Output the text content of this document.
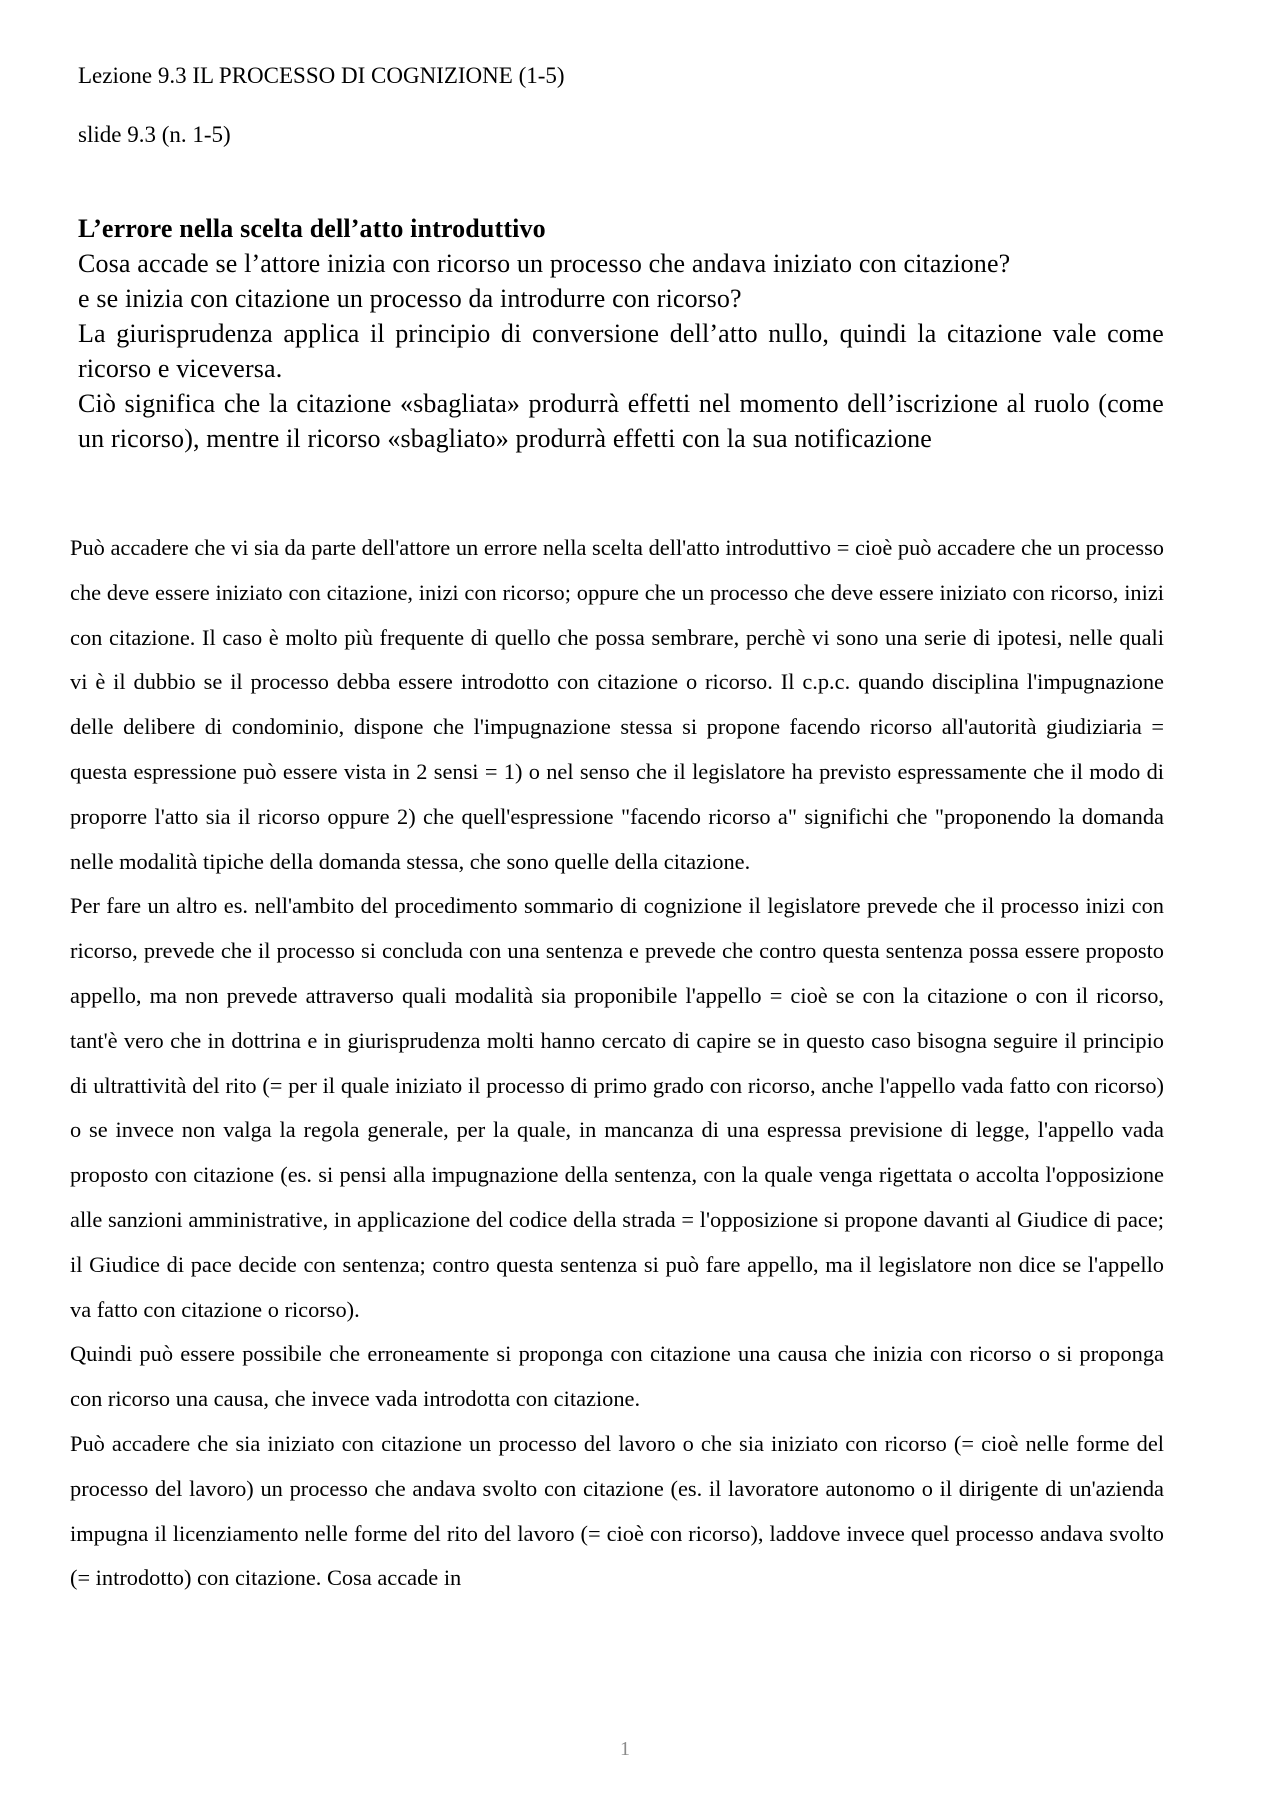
Lezione 9.3 IL PROCESSO DI COGNIZIONE (1-5)
slide 9.3 (n. 1-5)
L’errore nella scelta dell’atto introduttivo
Cosa accade se l’attore inizia con ricorso un processo che andava iniziato con citazione?
e se inizia con citazione un processo da introdurre con ricorso?
La giurisprudenza applica il principio di conversione dell’atto nullo, quindi la citazione vale come ricorso e viceversa.
Ciò significa che la citazione «sbagliata» produrrà effetti nel momento dell’iscrizione al ruolo (come un ricorso), mentre il ricorso «sbagliato» produrrà effetti con la sua notificazione

Può accadere che vi sia da parte dell'attore un errore nella scelta dell'atto introduttivo = cioè può accadere che un processo che deve essere iniziato con citazione, inizi con ricorso; oppure che un processo che deve essere iniziato con ricorso, inizi con citazione. Il caso è molto più frequente di quello che possa sembrare, perchè vi sono una serie di ipotesi, nelle quali vi è il dubbio se il processo debba essere introdotto con citazione o ricorso. Il c.p.c. quando disciplina l'impugnazione delle delibere di condominio, dispone che l'impugnazione stessa si propone facendo ricorso all'autorità giudiziaria = questa espressione può essere vista in 2 sensi = 1) o nel senso che il legislatore ha previsto espressamente che il modo di proporre l'atto sia il ricorso oppure 2) che quell'espressione "facendo ricorso a" significhi che "proponendo la domanda nelle modalità tipiche della domanda stessa, che sono quelle della citazione.

Per fare un altro es. nell'ambito del procedimento sommario di cognizione il legislatore prevede che il processo inizi con ricorso, prevede che il processo si concluda con una sentenza e prevede che contro questa sentenza possa essere proposto appello, ma non prevede attraverso quali modalità sia proponibile l'appello = cioè se con la citazione o con il ricorso, tant'è vero che in dottrina e in giurisprudenza molti hanno cercato di capire se in questo caso bisogna seguire il principio di ultrattività del rito (= per il quale iniziato il processo di primo grado con ricorso, anche l'appello vada fatto con ricorso) o se invece non valga la regola generale, per la quale, in mancanza di una espressa previsione di legge, l'appello vada proposto con citazione (es. si pensi alla impugnazione della sentenza, con la quale venga rigettata o accolta l'opposizione alle sanzioni amministrative, in applicazione del codice della strada = l'opposizione si propone davanti al Giudice di pace; il Giudice di pace decide con sentenza; contro questa sentenza si può fare appello, ma il legislatore non dice se l'appello va fatto con citazione o ricorso).

Quindi può essere possibile che erroneamente si proponga con citazione una causa che inizia con ricorso o si proponga con ricorso una causa, che invece vada introdotta con citazione.

Può accadere che sia iniziato con citazione un processo del lavoro o che sia iniziato con ricorso (= cioè nelle forme del processo del lavoro) un processo che andava svolto con citazione (es. il lavoratore autonomo o il dirigente di un'azienda impugna il licenziamento nelle forme del rito del lavoro (= cioè con ricorso), laddove invece quel processo andava svolto (= introdotto) con citazione. Cosa accade in

1
